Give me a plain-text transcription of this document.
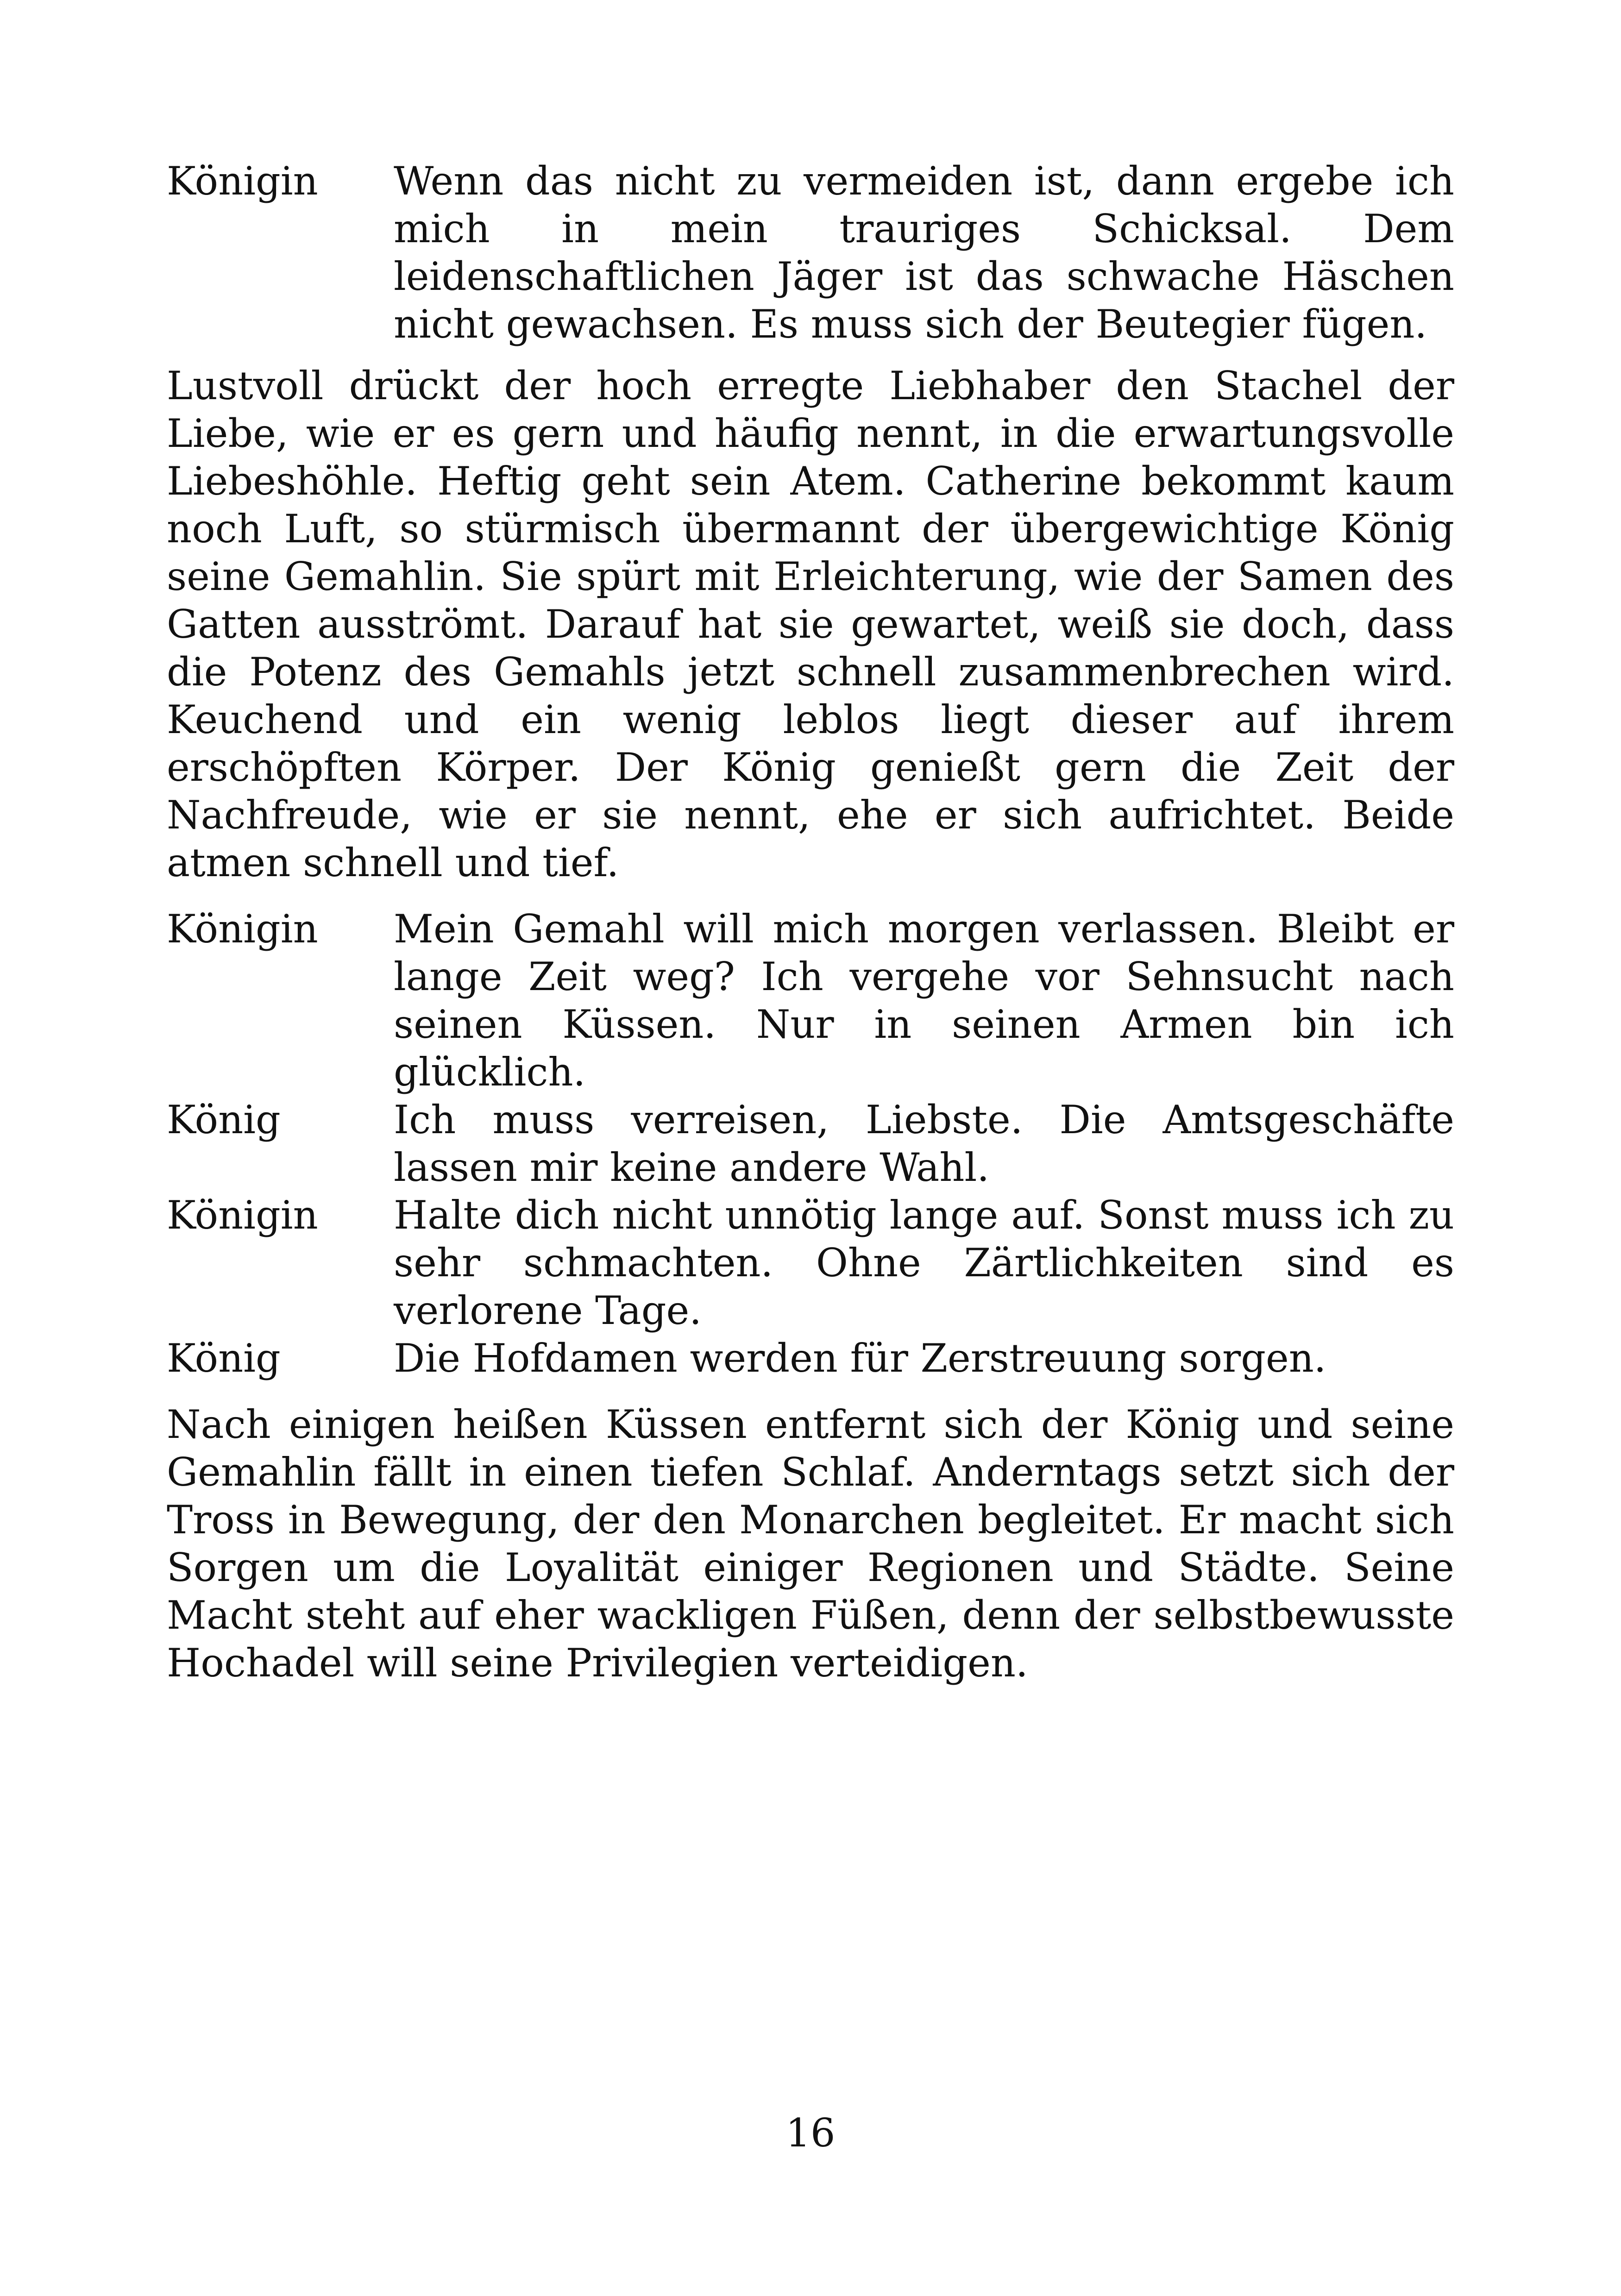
Königin	Wenn das nicht zu vermeiden ist, dann ergebe ich mich in mein trauriges Schicksal. Dem leidenschaftlichen Jäger ist das schwache Häschen nicht gewachsen. Es muss sich der Beutegier fügen.

Lustvoll drückt der hoch erregte Liebhaber den Stachel der Liebe, wie er es gern und häufig nennt, in die erwartungsvolle Liebeshöhle. Heftig geht sein Atem. Catherine bekommt kaum noch Luft, so stürmisch übermannt der übergewichtige König seine Gemahlin. Sie spürt mit Erleichterung, wie der Samen des Gatten ausströmt. Darauf hat sie gewartet, weiß sie doch, dass die Potenz des Gemahls jetzt schnell zusammenbrechen wird. Keuchend und ein wenig leblos liegt dieser auf ihrem erschöpften Körper. Der König genießt gern die Zeit der Nachfreude, wie er sie nennt, ehe er sich aufrichtet. Beide atmen schnell und tief.

Königin	Mein Gemahl will mich morgen verlassen. Bleibt er lange Zeit weg? Ich vergehe vor Sehnsucht nach seinen Küssen. Nur in seinen Armen bin ich glücklich.
König	Ich muss verreisen, Liebste. Die Amtsgeschäfte lassen mir keine andere Wahl.
Königin	Halte dich nicht unnötig lange auf. Sonst muss ich zu sehr schmachten. Ohne Zärtlichkeiten sind es verlorene Tage.
König	Die Hofdamen werden für Zerstreuung sorgen.

Nach einigen heißen Küssen entfernt sich der König und seine Gemahlin fällt in einen tiefen Schlaf. Anderntags setzt sich der Tross in Bewegung, der den Monarchen begleitet. Er macht sich Sorgen um die Loyalität einiger Regionen und Städte. Seine Macht steht auf eher wackligen Füßen, denn der selbstbewusste Hochadel will seine Privilegien verteidigen.

16
